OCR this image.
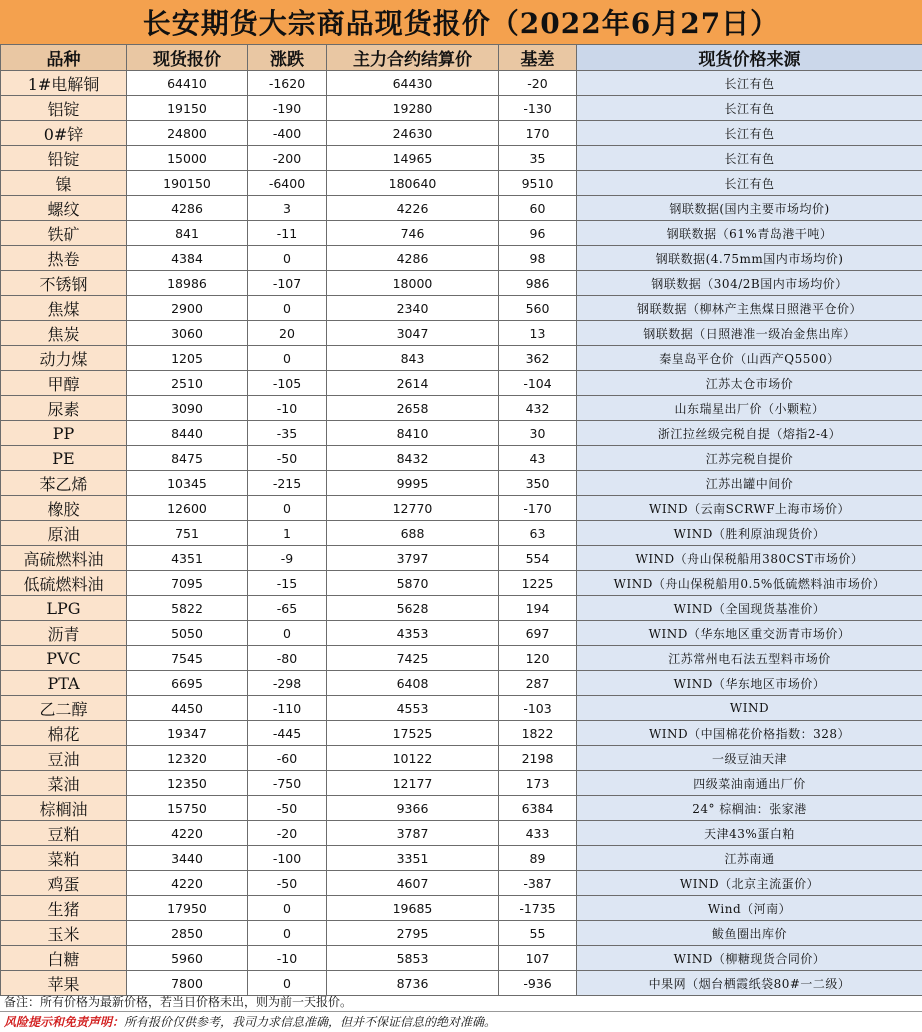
长安期货大宗商品现货报价（2022年6月27日）
品种	现货报价	涨跌	主力合约结算价	基差	现货价格来源
1#电解铜	64410	-1620	64430	-20	长江有色
铝锭	19150	-190	19280	-130	长江有色
0#锌	24800	-400	24630	170	长江有色
铅锭	15000	-200	14965	35	长江有色
镍	190150	-6400	180640	9510	长江有色
螺纹	4286	3	4226	60	钢联数据(国内主要市场均价)
铁矿	841	-11	746	96	钢联数据（61%青岛港干吨）
热卷	4384	0	4286	98	钢联数据(4.75mm国内市场均价)
不锈钢	18986	-107	18000	986	钢联数据（304/2B国内市场均价）
焦煤	2900	0	2340	560	钢联数据（柳林产主焦煤日照港平仓价）
焦炭	3060	20	3047	13	钢联数据（日照港准一级冶金焦出库）
动力煤	1205	0	843	362	秦皇岛平仓价（山西产Q5500）
甲醇	2510	-105	2614	-104	江苏太仓市场价
尿素	3090	-10	2658	432	山东瑞星出厂价（小颗粒）
PP	8440	-35	8410	30	浙江拉丝级完税自提（熔指2-4）
PE	8475	-50	8432	43	江苏完税自提价
苯乙烯	10345	-215	9995	350	江苏出罐中间价
橡胶	12600	0	12770	-170	WIND（云南SCRWF上海市场价）
原油	751	1	688	63	WIND（胜利原油现货价）
高硫燃料油	4351	-9	3797	554	WIND（舟山保税船用380CST市场价）
低硫燃料油	7095	-15	5870	1225	WIND（舟山保税船用0.5%低硫燃料油市场价）
LPG	5822	-65	5628	194	WIND（全国现货基准价）
沥青	5050	0	4353	697	WIND（华东地区重交沥青市场价）
PVC	7545	-80	7425	120	江苏常州电石法五型料市场价
PTA	6695	-298	6408	287	WIND（华东地区市场价）
乙二醇	4450	-110	4553	-103	WIND
棉花	19347	-445	17525	1822	WIND（中国棉花价格指数：328）
豆油	12320	-60	10122	2198	一级豆油天津
菜油	12350	-750	12177	173	四级菜油南通出厂价
棕榈油	15750	-50	9366	6384	24° 棕榈油：张家港
豆粕	4220	-20	3787	433	天津43%蛋白粕
菜粕	3440	-100	3351	89	江苏南通
鸡蛋	4220	-50	4607	-387	WIND（北京主流蛋价）
生猪	17950	0	19685	-1735	Wind（河南）
玉米	2850	0	2795	55	鲅鱼圈出库价
白糖	5960	-10	5853	107	WIND（柳糖现货合同价）
苹果	7800	0	8736	-936	中果网（烟台栖霞纸袋80#一二级）
备注：所有价格为最新价格，若当日价格未出，则为前一天报价。
风险提示和免责声明：所有报价仅供参考，我司力求信息准确，但并不保证信息的绝对准确。
